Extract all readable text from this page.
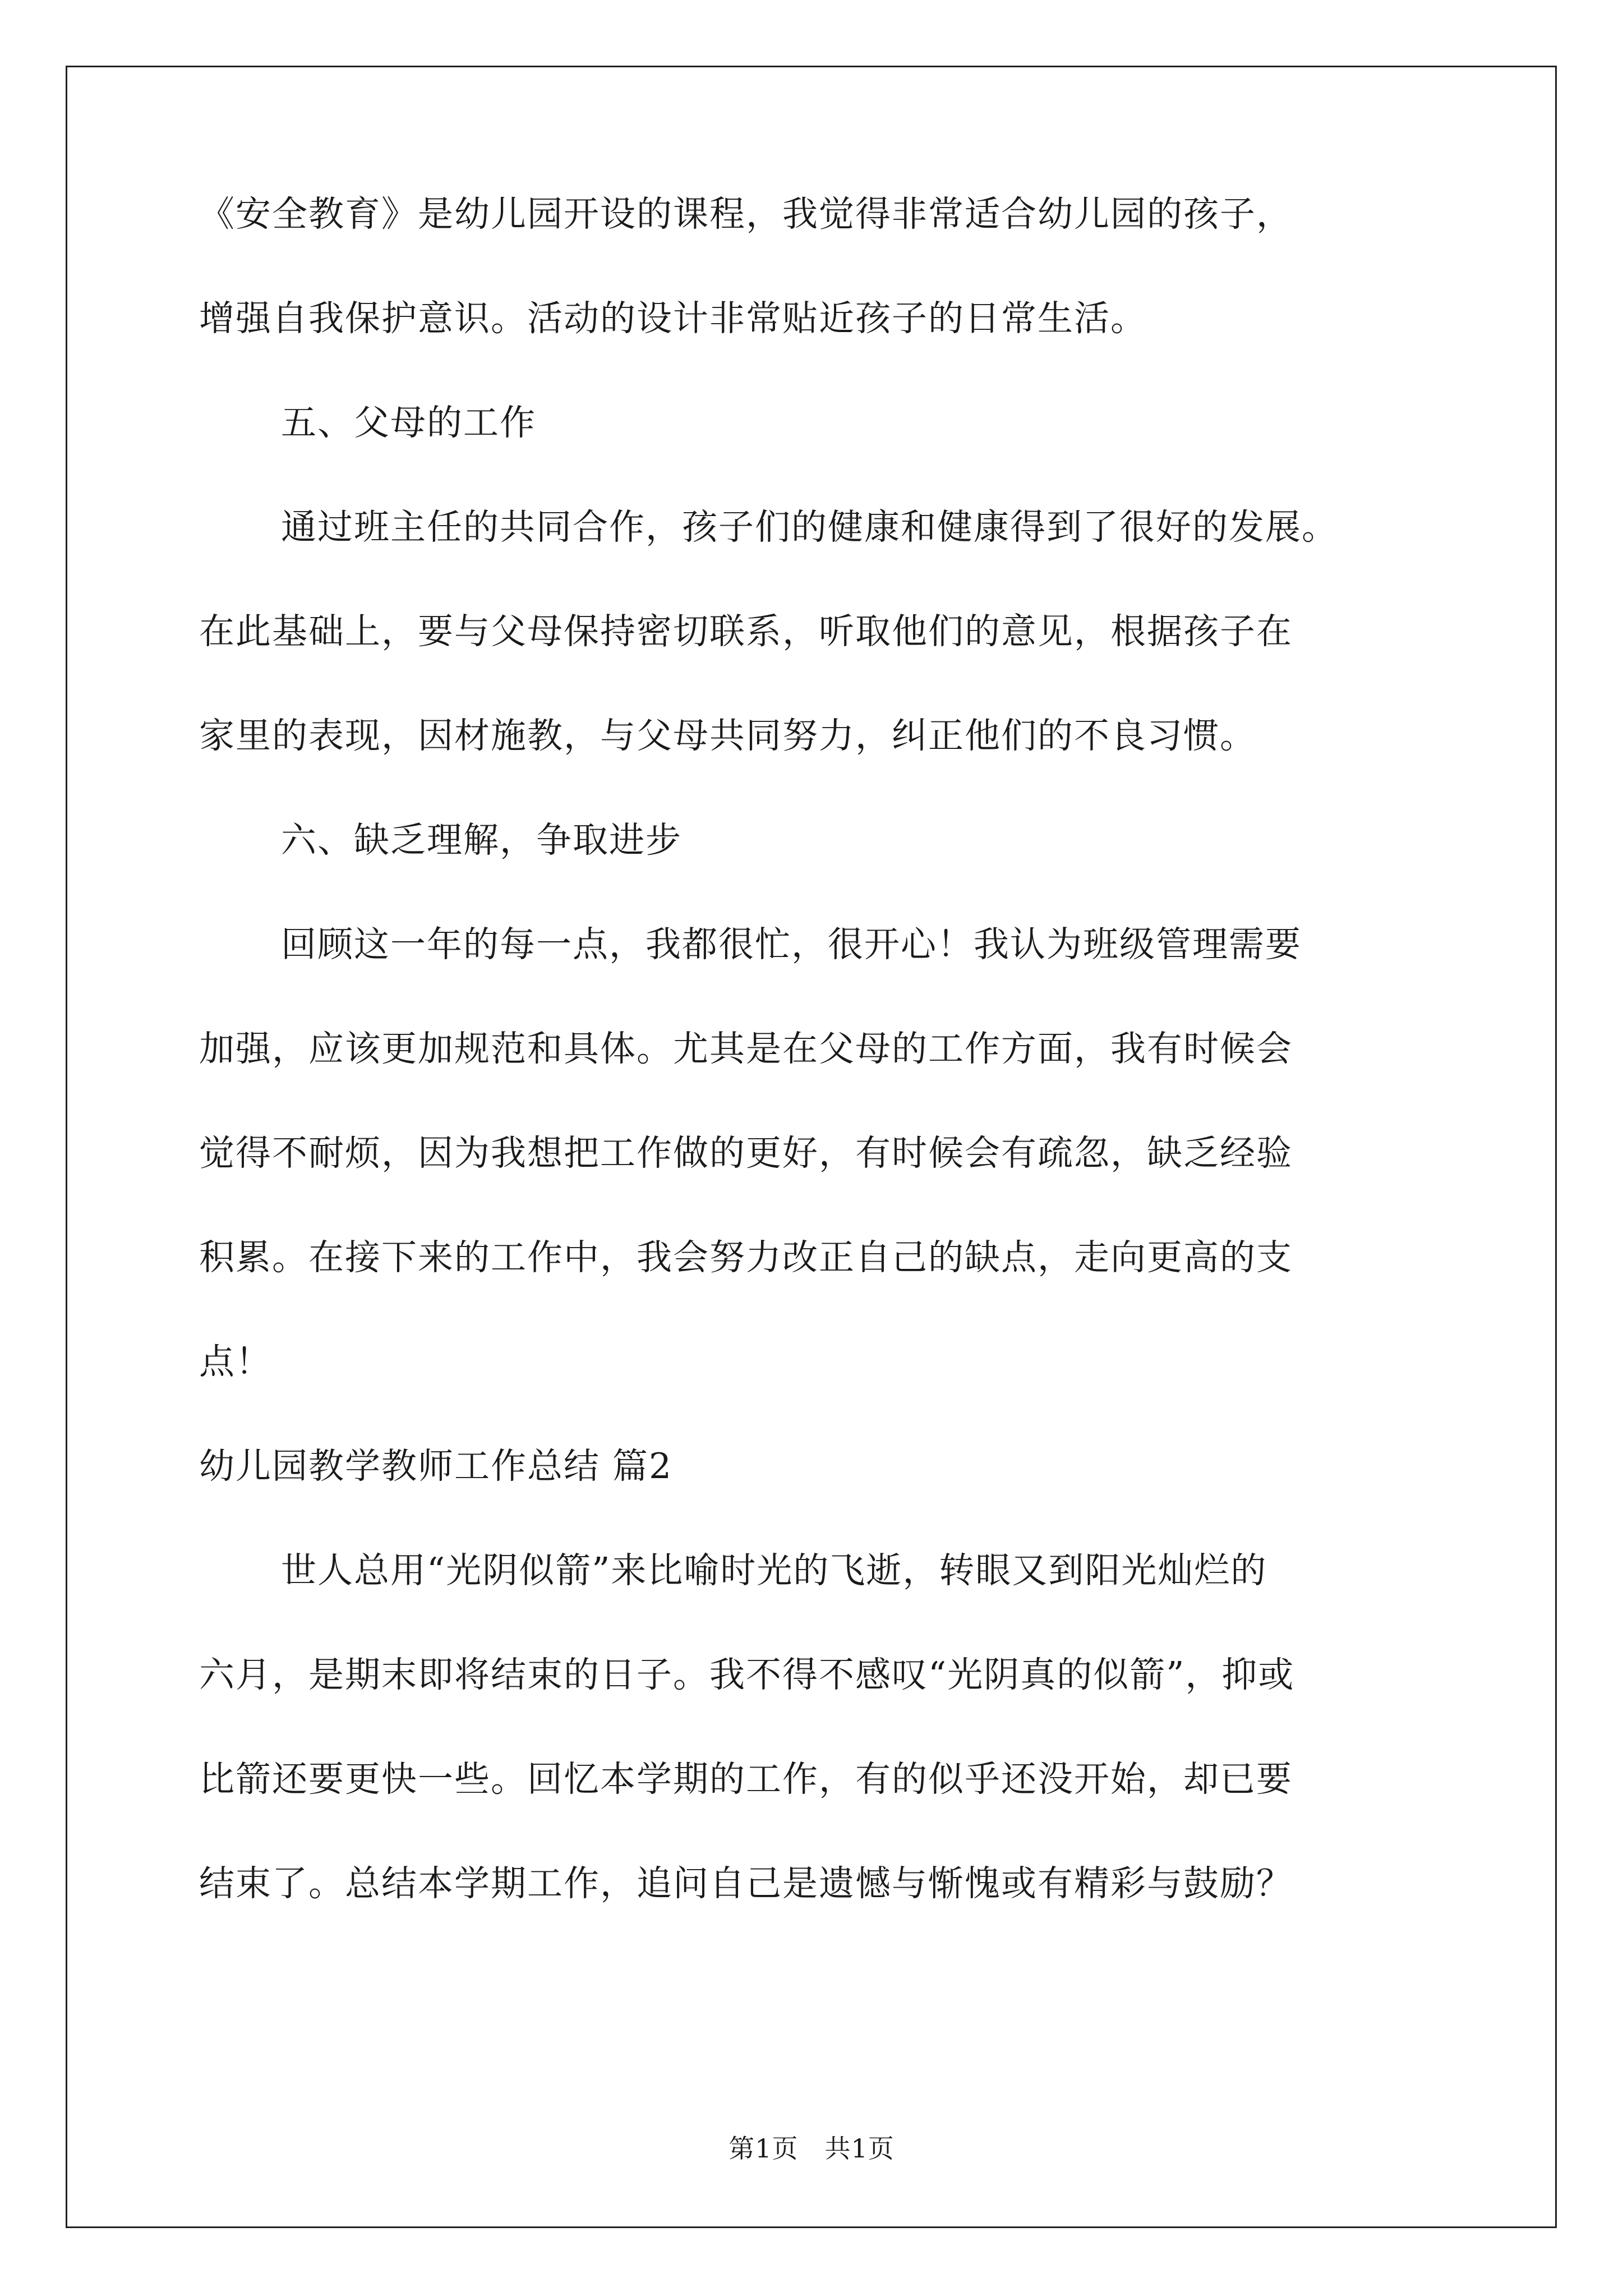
《安全教育》是幼儿园开设的课程，我觉得非常适合幼儿园的孩子，

增强自我保护意识。活动的设计非常贴近孩子的日常生活。

五、父母的工作

通过班主任的共同合作，孩子们的健康和健康得到了很好的发展。

在此基础上，要与父母保持密切联系，听取他们的意见，根据孩子在

家里的表现，因材施教，与父母共同努力，纠正他们的不良习惯。

六、缺乏理解，争取进步

回顾这一年的每一点，我都很忙，很开心！我认为班级管理需要

加强，应该更加规范和具体。尤其是在父母的工作方面，我有时候会

觉得不耐烦，因为我想把工作做的更好，有时候会有疏忽，缺乏经验

积累。在接下来的工作中，我会努力改正自己的缺点，走向更高的支

点！

幼儿园教学教师工作总结 篇2

世人总用“光阴似箭”来比喻时光的飞逝，转眼又到阳光灿烂的

六月，是期末即将结束的日子。我不得不感叹“光阴真的似箭”，抑或

比箭还要更快一些。回忆本学期的工作，有的似乎还没开始，却已要

结束了。总结本学期工作，追问自己是遗憾与惭愧或有精彩与鼓励？

第1页　共1页
